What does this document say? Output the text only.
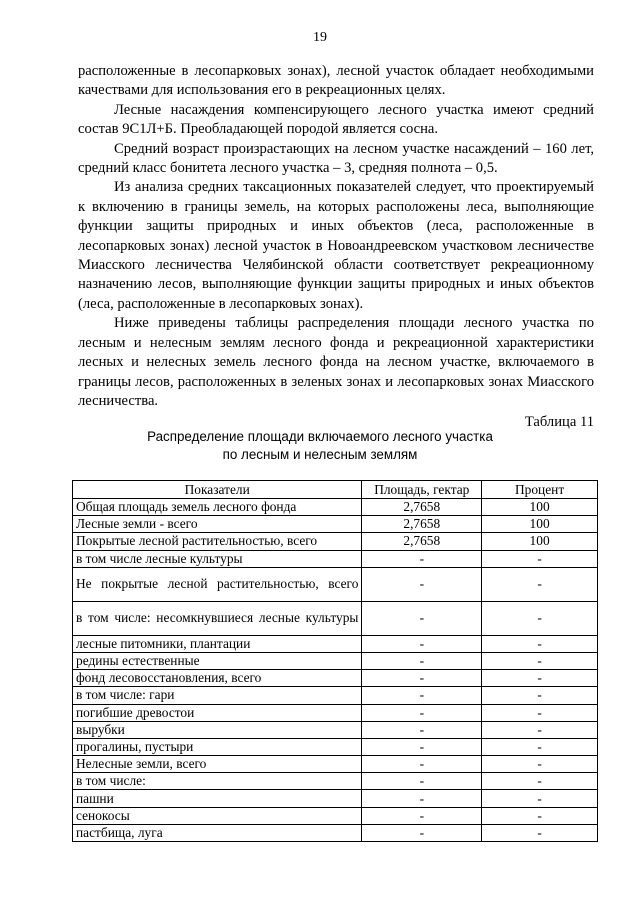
19

расположенные в лесопарковых зонах), лесной участок обладает необходимыми качествами для использования его в рекреационных целях.

Лесные насаждения компенсирующего лесного участка имеют средний состав 9С1Л+Б. Преобладающей породой является сосна.

Средний возраст произрастающих на лесном участке насаждений – 160 лет, средний класс бонитета лесного участка – 3, средняя полнота – 0,5.

Из анализа средних таксационных показателей следует, что проектируемый к включению в границы земель, на которых расположены леса, выполняющие функции защиты природных и иных объектов (леса, расположенные в лесопарковых зонах) лесной участок в Новоандреевском участковом лесничестве Миасского лесничества Челябинской области соответствует рекреационному назначению лесов, выполняющие функции защиты природных и иных объектов (леса, расположенные в лесопарковых зонах).

Ниже приведены таблицы распределения площади лесного участка по лесным и нелесным землям лесного фонда и рекреационной характеристики лесных и нелесных земель лесного фонда на лесном участке, включаемого в границы лесов, расположенных в зеленых зонах и лесопарковых зонах Миасского лесничества.

Таблица 11
Распределение площади включаемого лесного участка
по лесным и нелесным землям
Показатели	Площадь, гектар	Процент
Общая площадь земель лесного фонда	2,7658	100
Лесные земли - всего	2,7658	100
Покрытые лесной растительностью, всего	2,7658	100
в том числе лесные культуры	-	-
Не покрытые лесной растительностью, всего	-	-
в том числе: несомкнувшиеся лесные культуры	-	-
лесные питомники, плантации	-	-
редины естественные	-	-
фонд лесовосстановления, всего	-	-
в том числе: гари	-	-
погибшие древостои	-	-
вырубки	-	-
прогалины, пустыри	-	-
Нелесные земли, всего	-	-
в том числе:	-	-
пашни	-	-
сенокосы	-	-
пастбища, луга	-	-
